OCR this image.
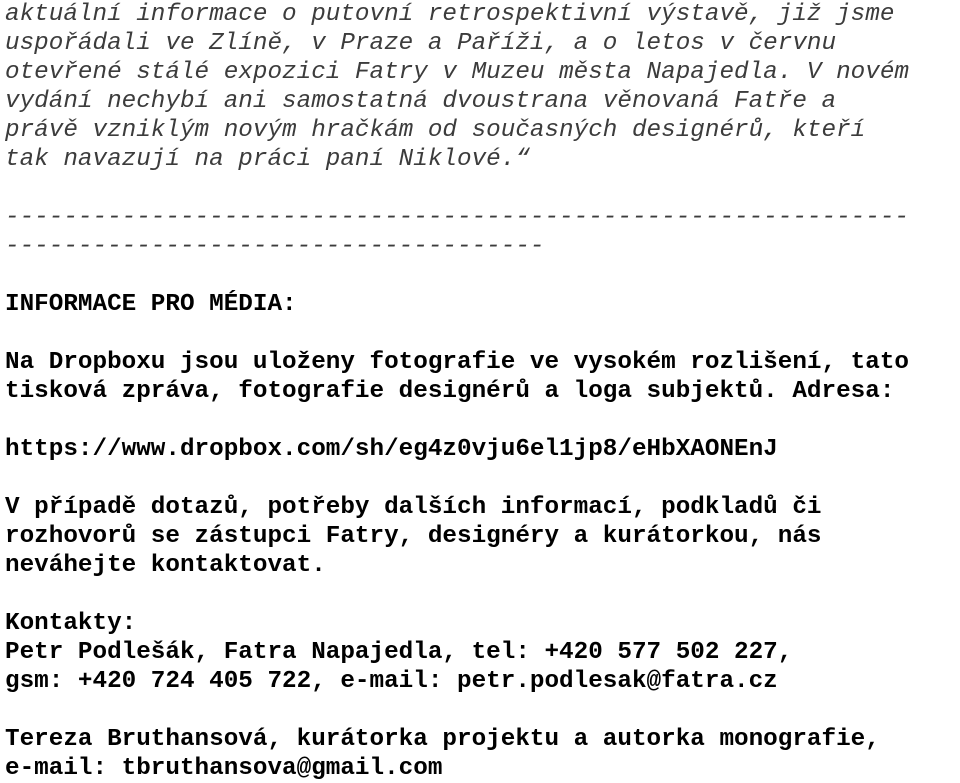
aktuální informace o putovní retrospektivní výstavě, již jsme
uspořádali ve Zlíně, v Praze a Paříži, a o letos v červnu
otevřené stálé expozici Fatry v Muzeu města Napajedla. V novém
vydání nechybí ani samostatná dvoustrana věnovaná Fatře a
právě vzniklým novým hračkám od současných designérů, kteří
tak navazují na práci paní Niklové.“
--------------------------------------------------------------
-------------------------------------
INFORMACE PRO MÉDIA:
Na Dropboxu jsou uloženy fotografie ve vysokém rozlišení, tato
tisková zpráva, fotografie designérů a loga subjektů. Adresa:
https://www.dropbox.com/sh/eg4z0vju6el1jp8/eHbXAONEnJ
V případě dotazů, potřeby dalších informací, podkladů či
rozhovorů se zástupci Fatry, designéry a kurátorkou, nás
neváhejte kontaktovat.
Kontakty:
Petr Podlešák, Fatra Napajedla, tel: +420 577 502 227,
gsm: +420 724 405 722, e-mail: petr.podlesak@fatra.cz
Tereza Bruthansová, kurátorka projektu a autorka monografie,
e-mail: tbruthansova@gmail.com
